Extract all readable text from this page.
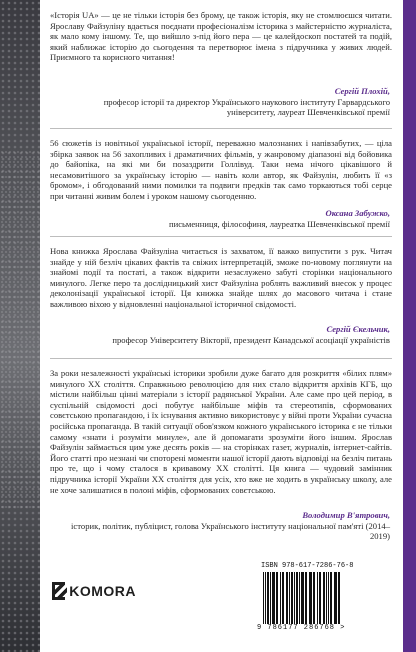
«Історія UA» — це не тільки історія без брому, це також історія, яку не стомлюєшся читати. Ярославу Файзуліну вдається поєднати професіоналізм історика з майстерністю журналіста, як мало кому іншому. Те, що вийшло з-під його пера — це калейдоскоп постатей та подій, який наближає історію до сьогодення та перетворює імена з підручника у живих людей. Приємного та корисного читання!
Сергій Плохій,
професор історії та директор Українського наукового інституту Гарвардського університету, лауреат Шевченківської премії
56 сюжетів із новітньої української історії, переважно малознаних і напівзабутих, — ціла збірка заявок на 56 захопливих і драматичних фільмів, у жанровому діапазоні від бойовика до байопіка, на які ми би позаздрити Голлівуд. Таки нема нічого цікавішого й несамовитішого за українську історію — навіть коли автор, як Файзулін, любить її «з бромом», і обгодований ними помилки та подвиги предків так само торкаються тобі серце при читанні живим болем і уроком нашому сьогоденню.
Оксана Забужко,
письменниця, філософиня, лауреатка Шевченківської премії
Нова книжка Ярослава Файзуліна читається із захватом, її важко випустити з рук. Читач знайде у ній безліч цікавих фактів та свіжих інтерпретацій, зможе по-новому поглянути на знайомі події та постаті, а також відкрити незаслужено забуті сторінки національного минулого. Легке перо та дослідницький хист Файзуліна роблять важливий внесок у процес деколонізації української історії. Ця книжка знайде шлях до масового читача і стане важливою віхою у відновленні національної історичної свідомості.
Сергій Єкельчик,
професор Університету Вікторії, президент Канадської асоціації україністів
За роки незалежності українські історики зробили дуже багато для розкриття «білих плям» минулого XX століття. Справжньою революцією для них стало відкриття архівів КГБ, що містили найбільш цінні матеріали з історії радянської України. Але саме про цей період, в суспільній свідомості досі побутує найбільше міфів та стереотипів, сформованих совєтською пропагандою, і їх існування активно використовує у війні проти України сучасна російська пропаганда. В такій ситуації обов'язком кожного українського історика є не тільки самому «знати і розуміти минуле», але й допомагати зрозуміти його іншим. Ярослав Файзулін займається цим уже десять років — на сторінках газет, журналів, інтернет-сайтів. Його статті про незнані чи споторені моменти нашої історії дають відповіді на безліч питань про те, що і чому сталося в кривавому XX столітті. Ця книга — чудовий замінник підручника історії України XX століття для усіх, хто вже не ходить в українську школу, але не хоче залишатися в полоні міфів, сформованих совєтською.
Володимир В'ятрович,
історик, політик, публіцист, голова Українського інституту національної пам'яті (2014–2019)
KOMORA
ISBN 978-617-7286-76-8
9 786177 286768 >
